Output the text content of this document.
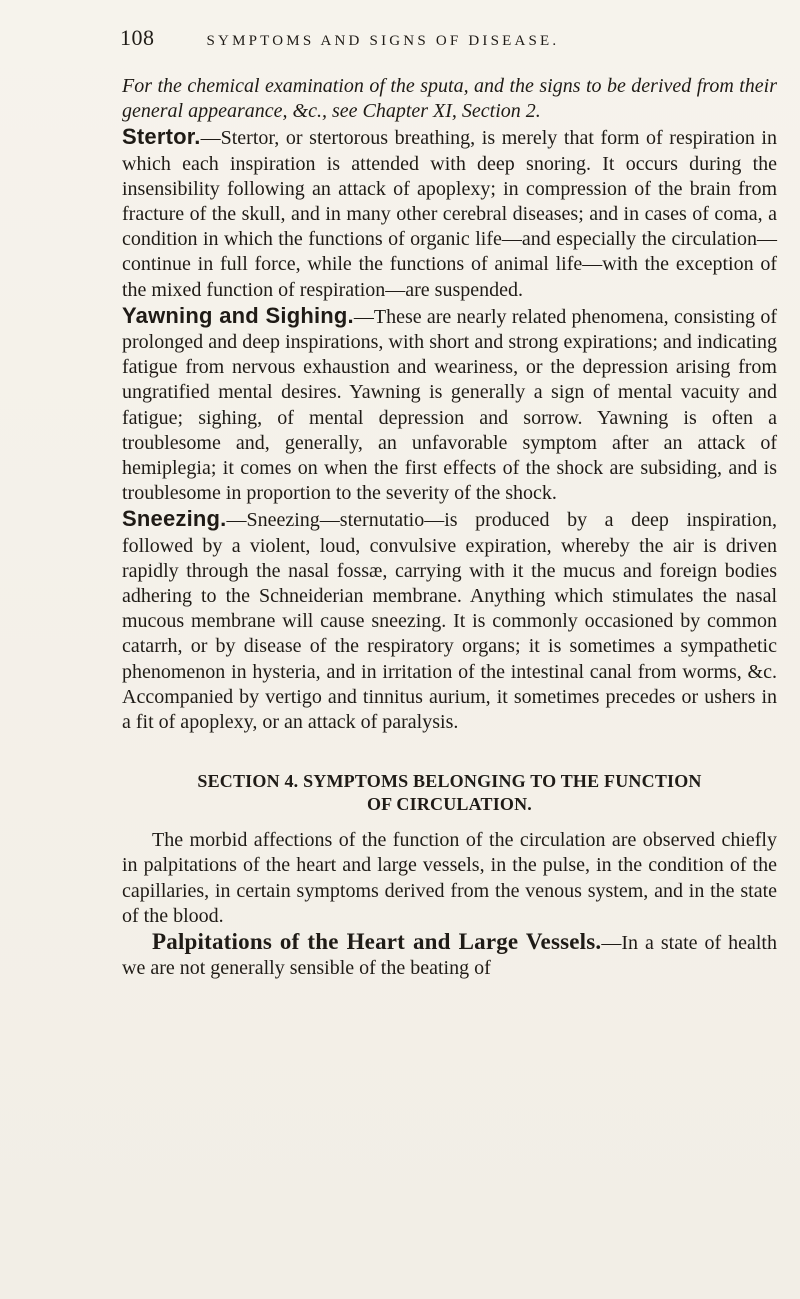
108	SYMPTOMS AND SIGNS OF DISEASE.

For the chemical examination of the sputa, and the signs to be derived from their general appearance, &c., see Chapter XI, Section 2.

Stertor.—Stertor, or stertorous breathing, is merely that form of respiration in which each inspiration is attended with deep snoring. It occurs during the insensibility following an attack of apoplexy; in compression of the brain from fracture of the skull, and in many other cerebral diseases; and in cases of coma, a condition in which the functions of organic life—and especially the circulation—continue in full force, while the functions of animal life—with the exception of the mixed function of respiration—are suspended.

Yawning and Sighing.—These are nearly related phenomena, consisting of prolonged and deep inspirations, with short and strong expirations; and indicating fatigue from nervous exhaustion and weariness, or the depression arising from ungratified mental desires. Yawning is generally a sign of mental vacuity and fatigue; sighing, of mental depression and sorrow. Yawning is often a troublesome and, generally, an unfavorable symptom after an attack of hemiplegia; it comes on when the first effects of the shock are subsiding, and is troublesome in proportion to the severity of the shock.

Sneezing.—Sneezing—sternutatio—is produced by a deep inspiration, followed by a violent, loud, convulsive expiration, whereby the air is driven rapidly through the nasal fossæ, carrying with it the mucus and foreign bodies adhering to the Schneiderian membrane. Anything which stimulates the nasal mucous membrane will cause sneezing. It is commonly occasioned by common catarrh, or by disease of the respiratory organs; it is sometimes a sympathetic phenomenon in hysteria, and in irritation of the intestinal canal from worms, &c. Accompanied by vertigo and tinnitus aurium, it sometimes precedes or ushers in a fit of apoplexy, or an attack of paralysis.

SECTION 4. SYMPTOMS BELONGING TO THE FUNCTION
OF CIRCULATION.

The morbid affections of the function of the circulation are observed chiefly in palpitations of the heart and large vessels, in the pulse, in the condition of the capillaries, in certain symptoms derived from the venous system, and in the state of the blood.

Palpitations of the Heart and Large Vessels.—In a state of health we are not generally sensible of the beating of
